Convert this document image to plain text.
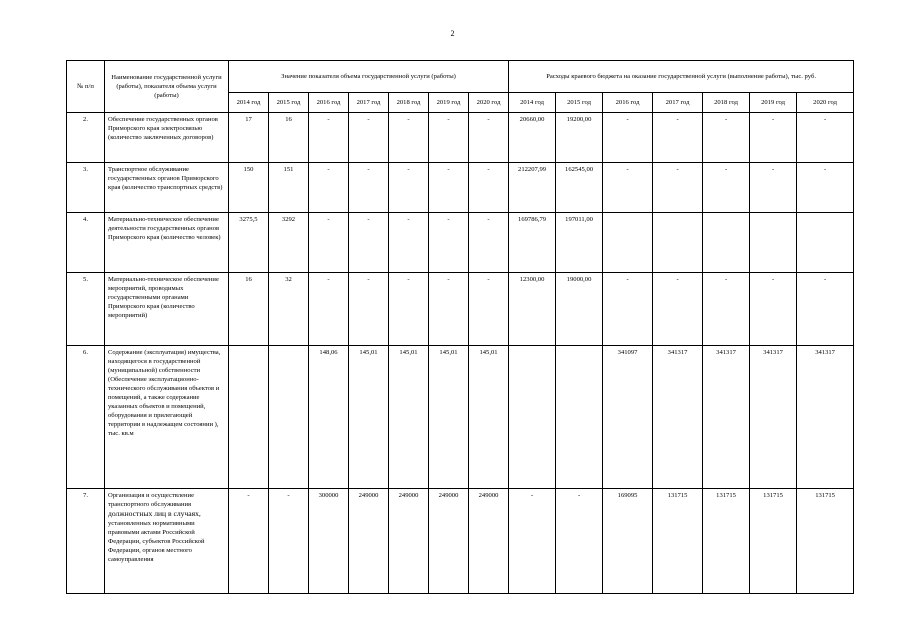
2
№ п/п	Наименование государственной услуги (работы), показателя объема услуги (работы)	Значение показателя объема государственной услуги (работы)							Расходы краевого бюджета на оказание государственной услуги (выполнение работы), тыс. руб.						
		2014 год	2015 год	2016 год	2017 год	2018 год	2019 год	2020 год	2014 год	2015 год	2016 год	2017 год	2018 год	2019 год	2020 год
2.	Обеспечение государственных органов Приморского края электросвязью (количество заключенных договоров)	17	16	-	-	-	-	-	20660,00	19200,00	-	-	-	-	-
3.	Транспортное обслуживание государственных органов Приморского края (количество транспортных средств)	150	151	-	-	-	-	-	212207,99	162545,00	-	-	-	-	-
4.	Материально-техническое обеспечение деятельности государственных органов Приморского края (количество человек)	3275,5	3292	-	-	-	-	-	169786,79	197011,00					
5.	Материально-техническое обеспечение мероприятий, проводимых государственными органами Приморского края (количество мероприятий)	16	32	-	-	-	-	-	12300,00	19000,00	-	-	-	-	-
6.	Содержание (эксплуатация) имущества, находящегося в государственной (муниципальной) собственности (Обеспечение эксплуатационно-технического обслуживания объектов и помещений, а также содержание указанных объектов и помещений, оборудования и прилегающей территории в надлежащем состоянии ), тыс. кв.м			148,06	145,01	145,01	145,01	145,01			341097	341317	341317	341317	341317
7.	Организация и осуществление транспортного обслуживания
должностных лиц в случаях,
установленных нормативными правовыми актами Российской Федерации, субъектов Российской Федерации, органов местного самоуправления	-	-	300000	249000	249000	249000	249000	-	-	169095	131715	131715	131715	131715
